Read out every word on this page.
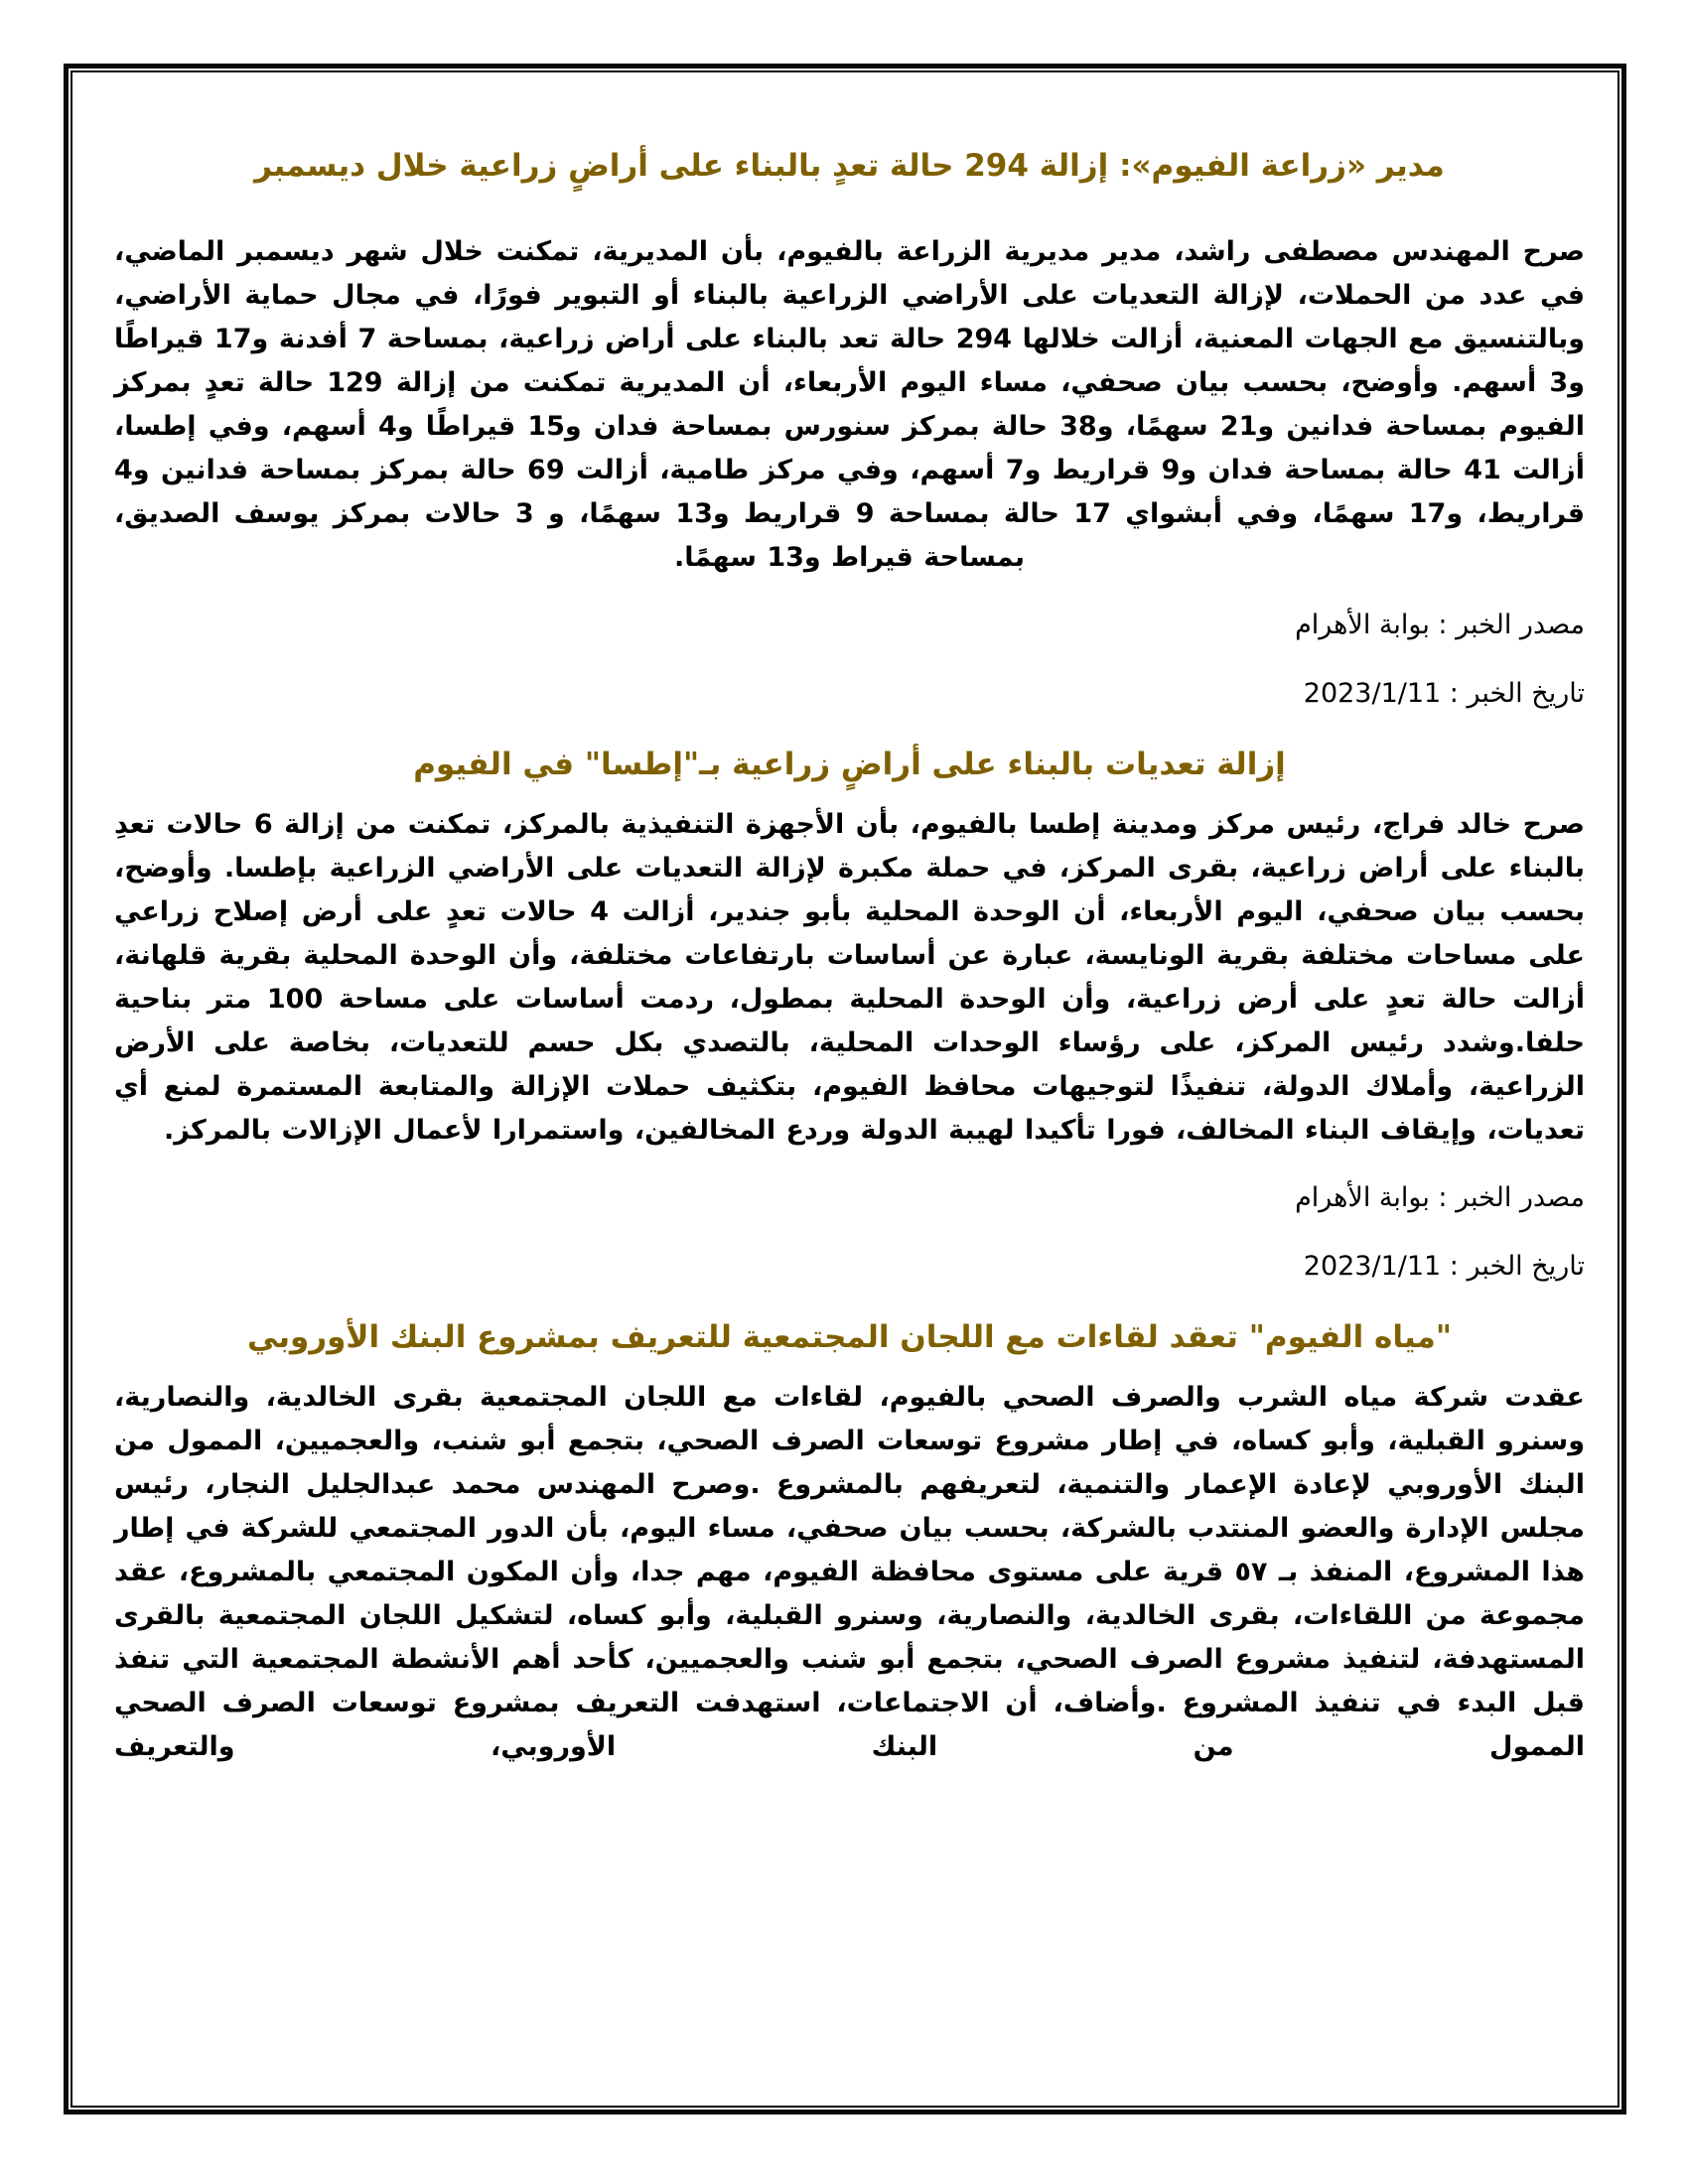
مدير «زراعة الفيوم»: إزالة 294 حالة تعدٍ بالبناء على أراضٍ زراعية خلال ديسمبر

صرح المهندس مصطفى راشد، مدير مديرية الزراعة بالفيوم، بأن المديرية، تمكنت خلال شهر ديسمبر الماضي، في عدد من الحملات، لإزالة التعديات على الأراضي الزراعية بالبناء أو التبوير فورًا، في مجال حماية الأراضي، وبالتنسيق مع الجهات المعنية، أزالت خلالها 294 حالة تعد بالبناء على أراض زراعية، بمساحة 7 أفدنة و17 قيراطًا و3 أسهم. وأوضح، بحسب بيان صحفي، مساء اليوم الأربعاء، أن المديرية تمكنت من إزالة 129 حالة تعدٍ بمركز الفيوم بمساحة فدانين و21 سهمًا، و38 حالة بمركز سنورس بمساحة فدان و15 قيراطًا و4 أسهم، وفي إطسا، أزالت 41 حالة بمساحة فدان و9 قراريط و7 أسهم، وفي مركز طامية، أزالت 69 حالة بمركز بمساحة فدانين و4 قراريط، و17 سهمًا، وفي أبشواي 17 حالة بمساحة 9 قراريط و13 سهمًا، و 3 حالات بمركز يوسف الصديق، بمساحة قيراط و13 سهمًا.

مصدر الخبر : بوابة الأهرام

تاريخ الخبر : 2023/1/11

إزالة تعديات بالبناء على أراضٍ زراعية بـ"إطسا" في الفيوم

صرح خالد فراج، رئيس مركز ومدينة إطسا بالفيوم، بأن الأجهزة التنفيذية بالمركز، تمكنت من إزالة 6 حالات تعدِ بالبناء على أراض زراعية، بقرى المركز، في حملة مكبرة لإزالة التعديات على الأراضي الزراعية بإطسا. وأوضح، بحسب بيان صحفي، اليوم الأربعاء، أن الوحدة المحلية بأبو جندير، أزالت 4 حالات تعدٍ على أرض إصلاح زراعي على مساحات مختلفة بقرية الونايسة، عبارة عن أساسات بارتفاعات مختلفة، وأن الوحدة المحلية بقرية قلهانة، أزالت حالة تعدٍ على أرض زراعية، وأن الوحدة المحلية بمطول، ردمت أساسات على مساحة 100 متر بناحية حلفا.وشدد رئيس المركز، على رؤساء الوحدات المحلية، بالتصدي بكل حسم للتعديات، بخاصة على الأرض الزراعية، وأملاك الدولة، تنفيذًا لتوجيهات محافظ الفيوم، بتكثيف حملات الإزالة والمتابعة المستمرة لمنع أي تعديات، وإيقاف البناء المخالف، فورا تأكيدا لهيبة الدولة وردع المخالفين، واستمرارا لأعمال الإزالات بالمركز.

مصدر الخبر : بوابة الأهرام

تاريخ الخبر : 2023/1/11

"مياه الفيوم" تعقد لقاءات مع اللجان المجتمعية للتعريف بمشروع البنك الأوروبي

عقدت شركة مياه الشرب والصرف الصحي بالفيوم، لقاءات مع اللجان المجتمعية بقرى الخالدية، والنصارية، وسنرو القبلية، وأبو كساه، في إطار مشروع توسعات الصرف الصحي، بتجمع أبو شنب، والعجميين، الممول من البنك الأوروبي لإعادة الإعمار والتنمية، لتعريفهم بالمشروع .وصرح المهندس محمد عبدالجليل النجار، رئيس مجلس الإدارة والعضو المنتدب بالشركة، بحسب بيان صحفي، مساء اليوم، بأن الدور المجتمعي للشركة في إطار هذا المشروع، المنفذ بـ ٥٧ قرية على مستوى محافظة الفيوم، مهم جدا، وأن المكون المجتمعي بالمشروع، عقد مجموعة من اللقاءات، بقرى الخالدية، والنصارية، وسنرو القبلية، وأبو كساه، لتشكيل اللجان المجتمعية بالقرى المستهدفة، لتنفيذ مشروع الصرف الصحي، بتجمع أبو شنب والعجميين، كأحد أهم الأنشطة المجتمعية التي تنفذ قبل البدء في تنفيذ المشروع .وأضاف، أن الاجتماعات، استهدفت التعريف بمشروع توسعات الصرف الصحي الممول من البنك الأوروبي، والتعريف
